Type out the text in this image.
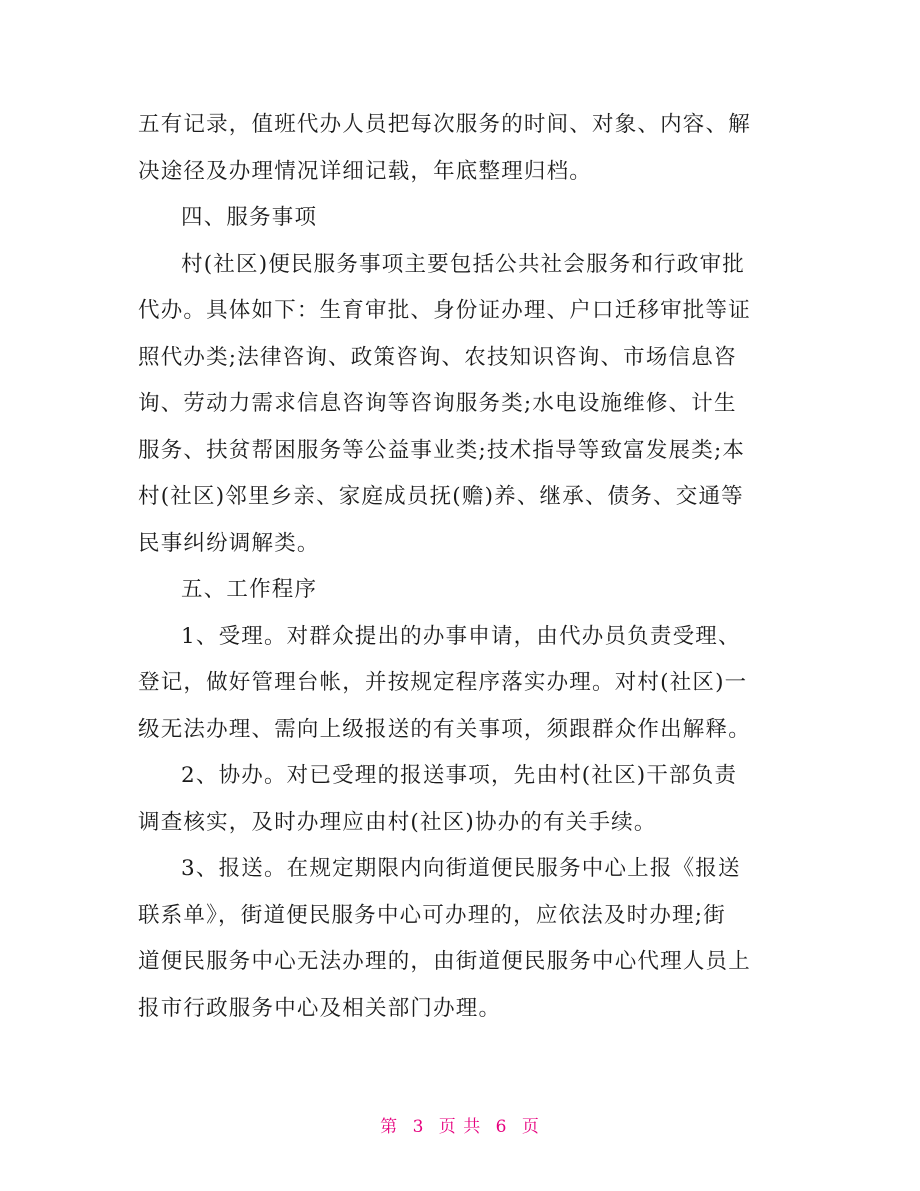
五有记录，值班代办人员把每次服务的时间、对象、内容、解
决途径及办理情况详细记载，年底整理归档。
四、服务事项
村(社区)便民服务事项主要包括公共社会服务和行政审批
代办。具体如下：生育审批、身份证办理、户口迁移审批等证
照代办类;法律咨询、政策咨询、农技知识咨询、市场信息咨
询、劳动力需求信息咨询等咨询服务类;水电设施维修、计生
服务、扶贫帮困服务等公益事业类;技术指导等致富发展类;本
村(社区)邻里乡亲、家庭成员抚(赡)养、继承、债务、交通等
民事纠纷调解类。
五、工作程序
1、受理。对群众提出的办事申请，由代办员负责受理、
登记，做好管理台帐，并按规定程序落实办理。对村(社区)一
级无法办理、需向上级报送的有关事项，须跟群众作出解释。
2、协办。对已受理的报送事项，先由村(社区)干部负责
调查核实，及时办理应由村(社区)协办的有关手续。
3、报送。在规定期限内向街道便民服务中心上报《报送
联系单》，街道便民服务中心可办理的，应依法及时办理;街
道便民服务中心无法办理的，由街道便民服务中心代理人员上
报市行政服务中心及相关部门办理。
第 3 页 共 6 页
